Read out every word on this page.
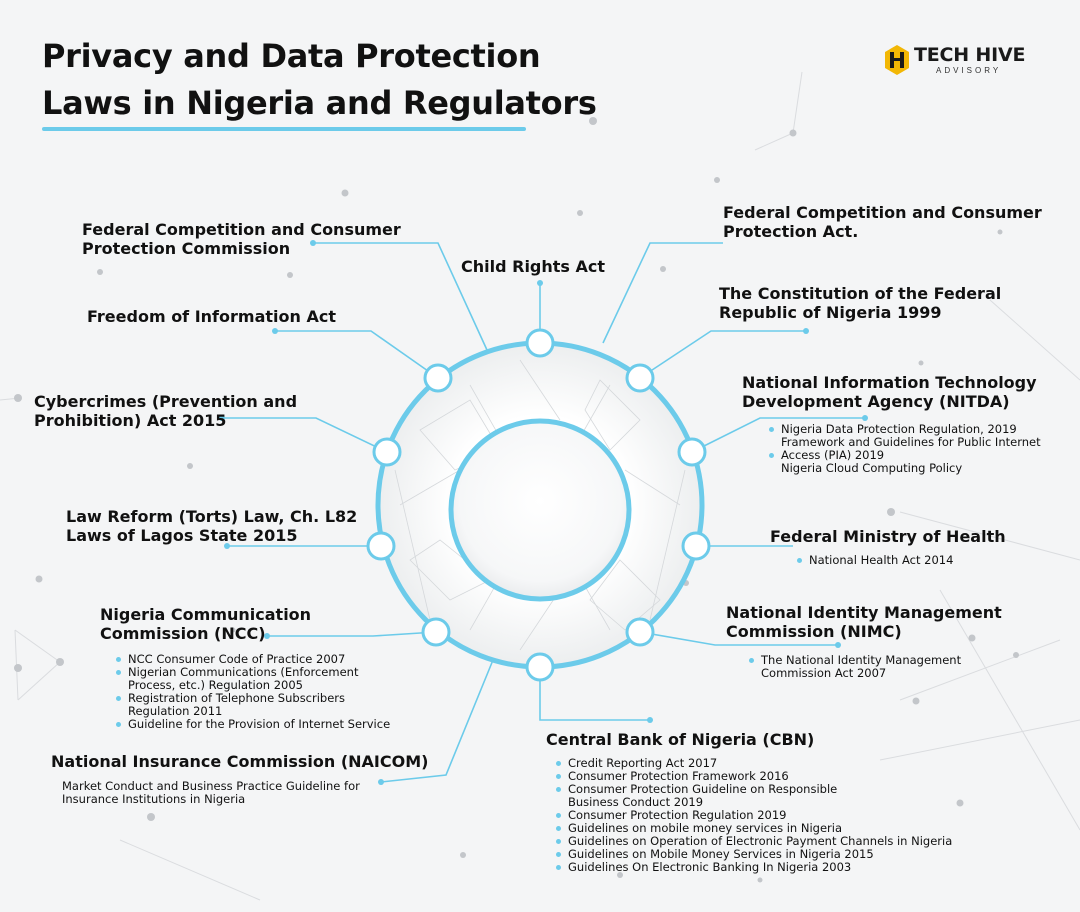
Privacy and Data Protection
Laws in Nigeria and Regulators
TECH HIVE
ADVISORY
Federal Competition and Consumer
Protection Commission
Child Rights Act
Federal Competition and Consumer
Protection Act.
Freedom of Information Act
The Constitution of the Federal
Republic of Nigeria 1999
Cybercrimes (Prevention and
Prohibition) Act 2015
National Information Technology
Development Agency (NITDA)
Nigeria Data Protection Regulation, 2019
Framework and Guidelines for Public Internet
Access (PIA) 2019
Nigeria Cloud Computing Policy
Law Reform (Torts) Law, Ch. L82
Laws of Lagos State 2015	Federal Ministry of Health
National Health Act 2014
Nigeria Communication
Commission (NCC)
NCC Consumer Code of Practice 2007
Nigerian Communications (Enforcement
Process, etc.) Regulation 2005
Registration of Telephone Subscribers
Regulation 2011
Guideline for the Provision of Internet Service
National Identity Management
Commission (NIMC)
The National Identity Management
Commission Act 2007
Central Bank of Nigeria (CBN)
Credit Reporting Act 2017
Consumer Protection Framework 2016
Consumer Protection Guideline on Responsible
Business Conduct 2019
Consumer Protection Regulation 2019
Guidelines on mobile money services in Nigeria
Guidelines on Operation of Electronic Payment Channels in Nigeria
Guidelines on Mobile Money Services in Nigeria 2015
Guidelines On Electronic Banking In Nigeria 2003
National Insurance Commission (NAICOM)
Market Conduct and Business Practice Guideline for
Insurance Institutions in Nigeria
